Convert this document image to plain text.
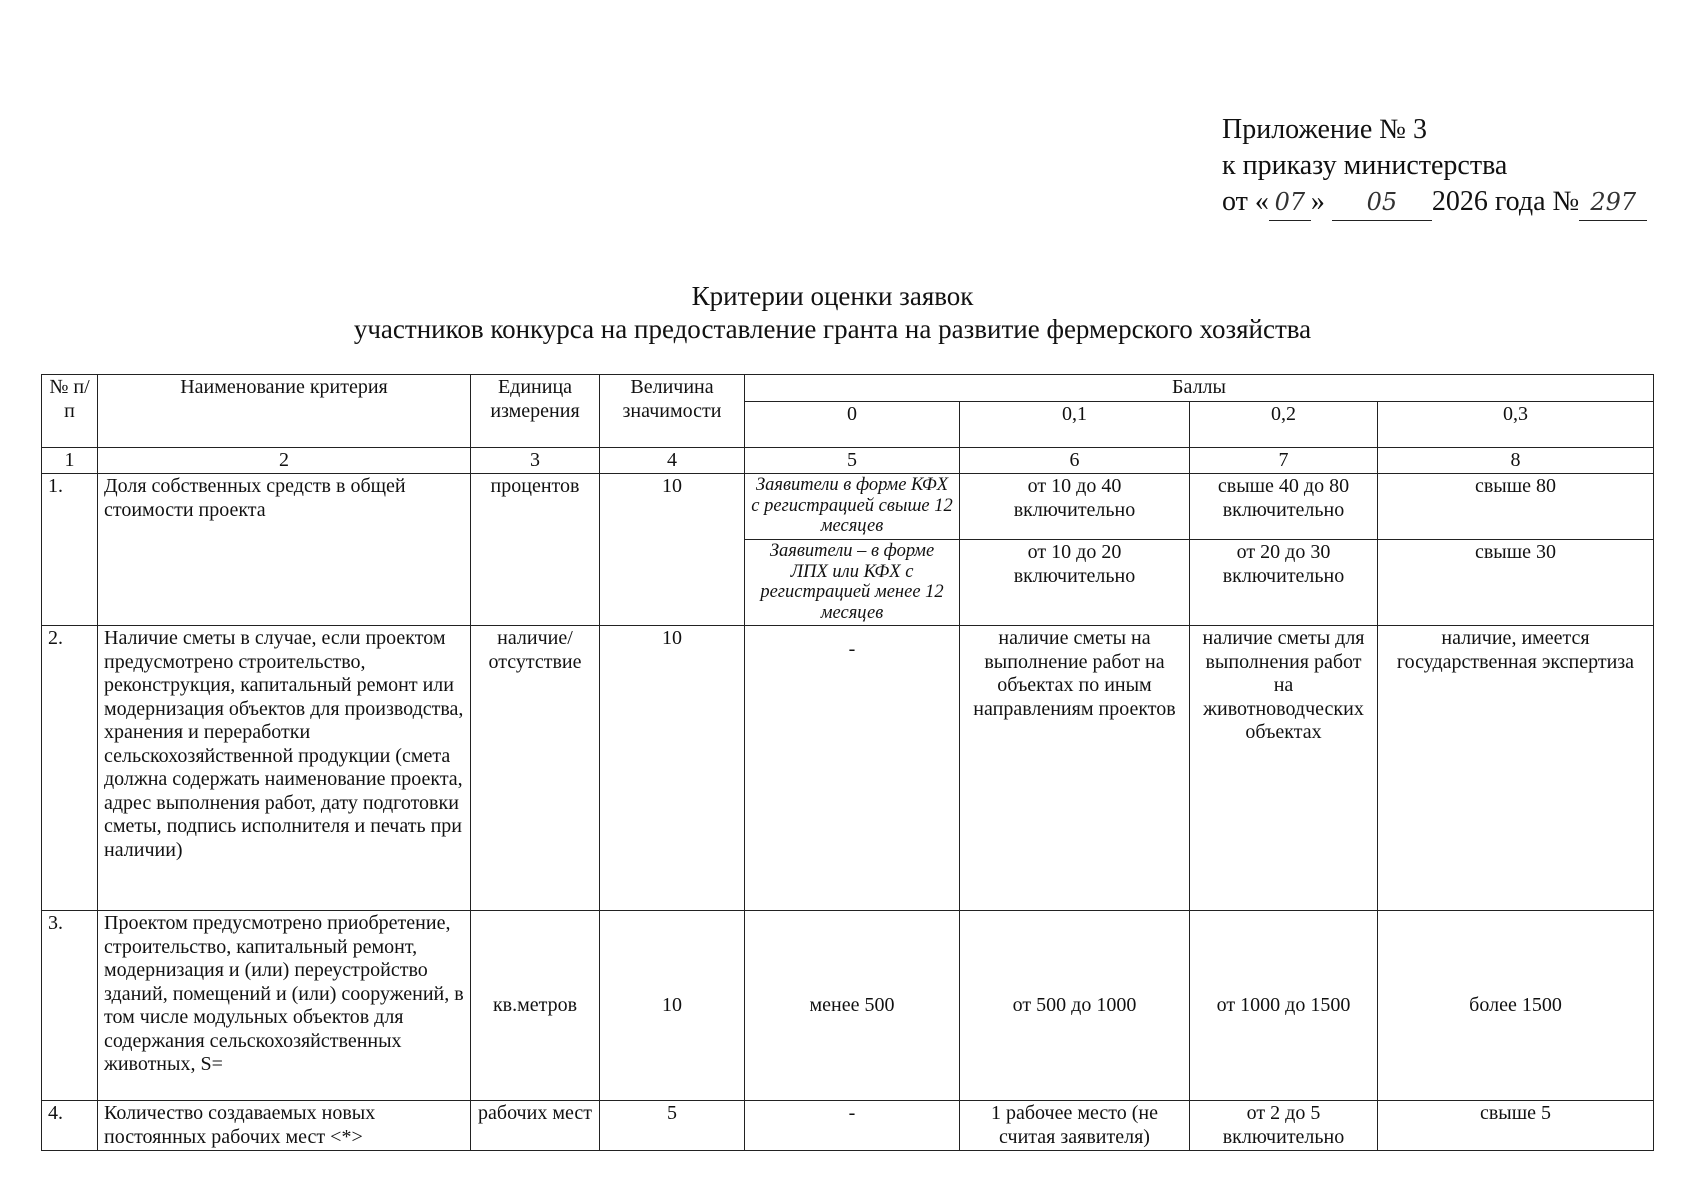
Приложение № 3
к приказу министерства
от « 07 » 05 2026 года № 297
Критерии оценки заявок
участников конкурса на предоставление гранта на развитие фермерского хозяйства
№ п/п	Наименование критерия	Единица измерения	Величина значимости	Баллы			
				0	0,1	0,2	0,3
1	2	3	4	5	6	7	8
1.	Доля собственных средств в общей стоимости проекта	процентов	10	Заявители в форме КФХ с регистрацией свыше 12 месяцев	от 10 до 40 включительно	свыше 40 до 80 включительно	свыше 80
				Заявители – в форме ЛПХ или КФХ с регистрацией менее 12 месяцев	от 10 до 20 включительно	от 20 до 30 включительно	свыше 30
2.	Наличие сметы в случае, если проектом предусмотрено строительство, реконструкция, капитальный ремонт или модернизация объектов для производства, хранения и переработки сельскохозяйственной продукции (смета должна содержать наименование проекта, адрес выполнения работ, дату подготовки сметы, подпись исполнителя и печать при наличии)	наличие/ отсутствие	10	-	наличие сметы на выполнение работ на объектах по иным направлениям проектов	наличие сметы для выполнения работ на животноводческих объектах	наличие, имеется государственная экспертиза
3.	Проектом предусмотрено приобретение, строительство, капитальный ремонт, модернизация и (или) переустройство зданий, помещений и (или) сооружений, в том числе модульных объектов для содержания сельскохозяйственных животных, S=	кв.метров	10	менее 500	от 500 до 1000	от 1000 до 1500	более 1500
4.	Количество создаваемых новых постоянных рабочих мест <*>	рабочих мест	5	-	1 рабочее место (не считая заявителя)	от 2 до 5 включительно	свыше 5
